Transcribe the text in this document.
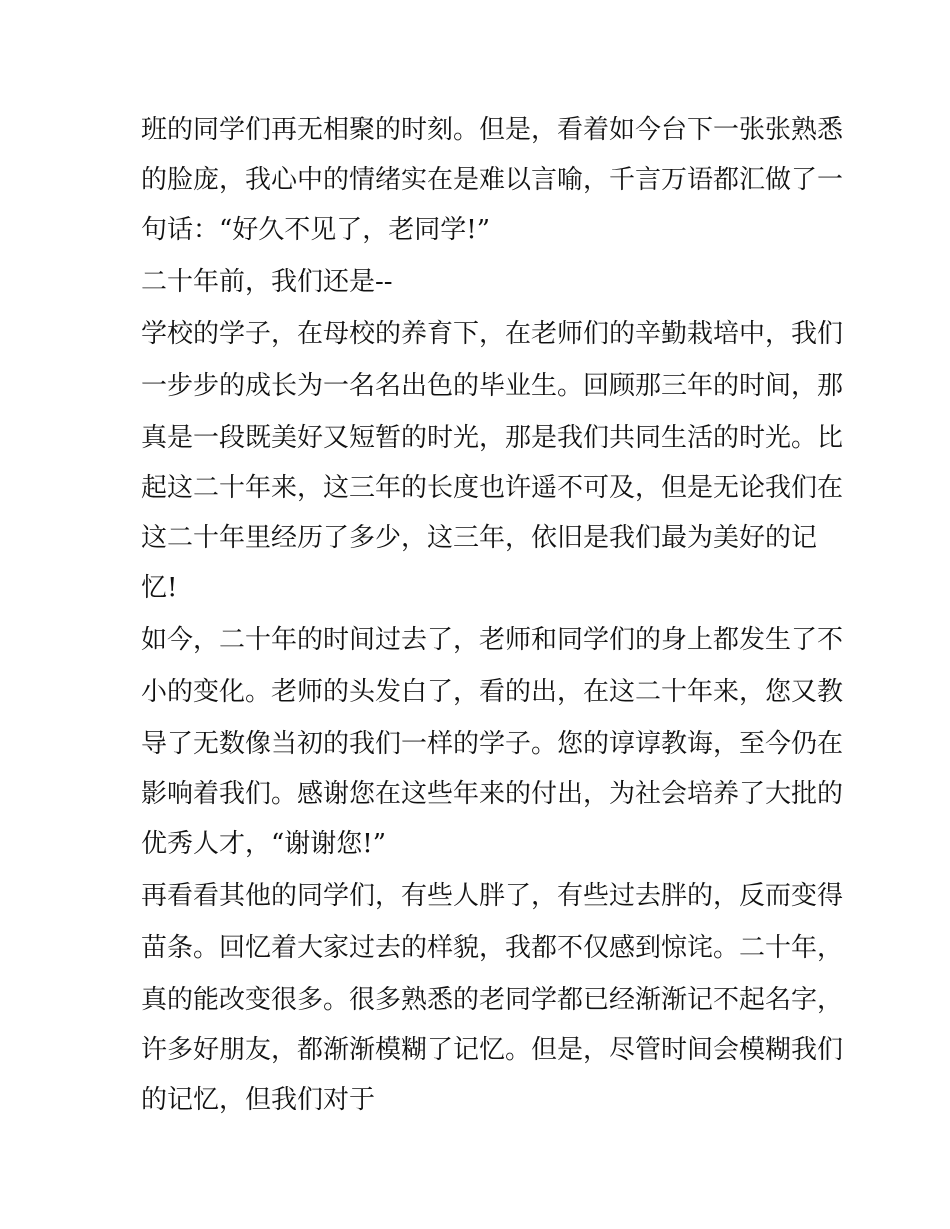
班的同学们再无相聚的时刻。但是，看着如今台下一张张熟悉
的脸庞，我心中的情绪实在是难以言喻，千言万语都汇做了一
句话：“好久不见了，老同学!”
二十年前，我们还是--
学校的学子，在母校的养育下，在老师们的辛勤栽培中，我们
一步步的成长为一名名出色的毕业生。回顾那三年的时间，那
真是一段既美好又短暂的时光，那是我们共同生活的时光。比
起这二十年来，这三年的长度也许遥不可及，但是无论我们在
这二十年里经历了多少，这三年，依旧是我们最为美好的记
忆!
如今，二十年的时间过去了，老师和同学们的身上都发生了不
小的变化。老师的头发白了，看的出，在这二十年来，您又教
导了无数像当初的我们一样的学子。您的谆谆教诲，至今仍在
影响着我们。感谢您在这些年来的付出，为社会培养了大批的
优秀人才，“谢谢您!”
再看看其他的同学们，有些人胖了，有些过去胖的，反而变得
苗条。回忆着大家过去的样貌，我都不仅感到惊诧。二十年，
真的能改变很多。很多熟悉的老同学都已经渐渐记不起名字，
许多好朋友，都渐渐模糊了记忆。但是，尽管时间会模糊我们
的记忆，但我们对于
